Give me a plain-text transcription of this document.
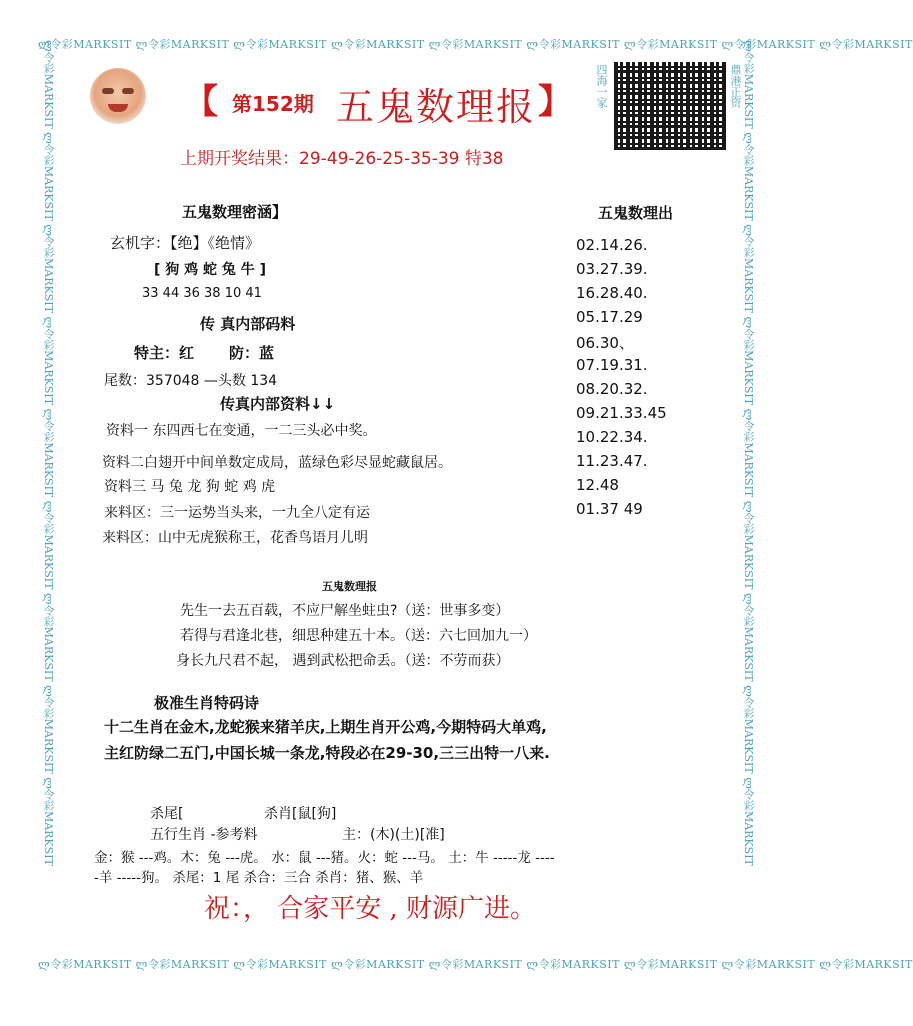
ლ令彩MARKSIT ლ令彩MARKSIT ლ令彩MARKSIT ლ令彩MARKSIT ლ令彩MARKSIT ლ令彩MARKSIT ლ令彩MARKSIT ლ令彩MARKSIT ლ令彩MARKSIT
ლ令彩MARKSIT ლ令彩MARKSIT ლ令彩MARKSIT ლ令彩MARKSIT ლ令彩MARKSIT ლ令彩MARKSIT ლ令彩MARKSIT ლ令彩MARKSIT ლ令彩MARKSIT
ლ令彩MARKSIT ლ令彩MARKSIT ლ令彩MARKSIT ლ令彩MARKSIT ლ令彩MARKSIT ლ令彩MARKSIT ლ令彩MARKSIT ლ令彩MARKSIT ლ令彩MARKSIT	ლ令彩MARKSIT ლ令彩MARKSIT ლ令彩MARKSIT ლ令彩MARKSIT ლ令彩MARKSIT ლ令彩MARKSIT ლ令彩MARKSIT ლ令彩MARKSIT ლ令彩MARKSIT
【 第152期 五鬼数理报 】 四海一家	鼎港正资
上期开奖结果：29-49-26-25-35-39 特38
五鬼数理密涵】
玄机字：【绝】《绝情》
[ 狗 鸡 蛇 兔 牛 ]
33 44 36 38 10 41
传 真内部码料
特主：红 防：蓝
尾数：357048 —头数 134
传真内部资料↓↓
资料一 东四西七在变通，一二三头必中奖。
资料二白翅开中间单数定成局，蓝绿色彩尽显蛇藏鼠居。
资料三 马 兔 龙 狗 蛇 鸡 虎
来料区：三一运势当头来，一九全八定有运
来料区：山中无虎猴称王，花香鸟语月儿明
五鬼数理出
02.14.26.
03.27.39.
16.28.40.
05.17.29
06.30、
07.19.31.
08.20.32.
09.21.33.45
10.22.34.
11.23.47.
12.48
01.37 49
五鬼数理报
先生一去五百载，不应尸解坐蛀虫?（送：世事多变）
若得与君逢北巷，细思种建五十本。（送：六七回加九一）
身长九尺君不起， 遇到武松把命丢。（送：不劳而获）
极准生肖特码诗
十二生肖在金木,龙蛇猴来猪羊庆,上期生肖开公鸡,今期特码大单鸡,
主红防绿二五门,中国长城一条龙,特段必在29-30,三三出特一八来.
杀尾[	杀肖[鼠[狗]
五行生肖 -参考料	主：(木)(土)[准]
金：猴 ---鸡。木：兔 ---虎。 水：鼠 ---猪。火：蛇 ---马。 土：牛 -----龙 ----
-羊 -----狗。 杀尾：1 尾 杀合：三合 杀肖：猪、猴、羊
祝：， 合家平安 , 财源广进。
